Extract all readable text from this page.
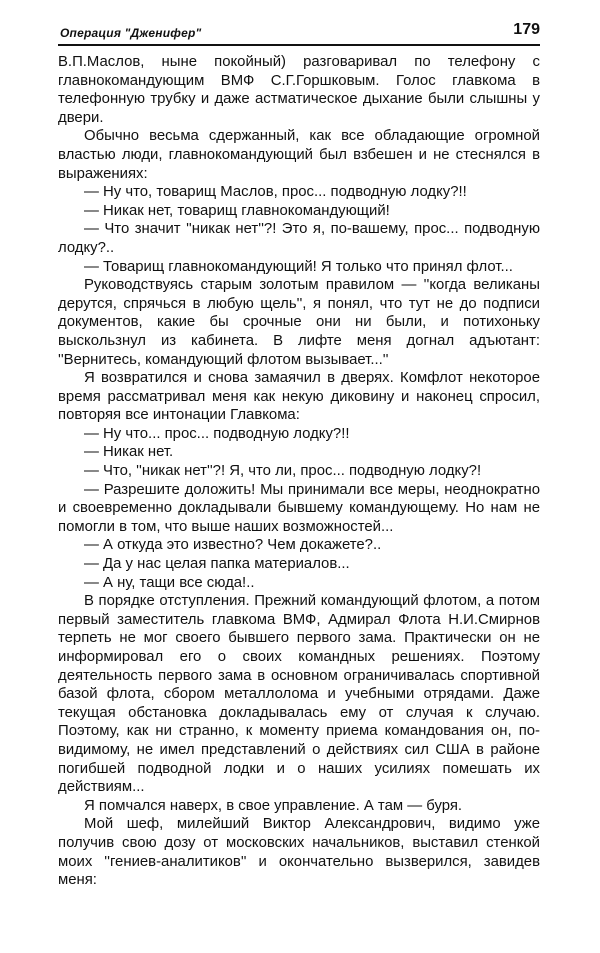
Операция "Дженифер"	179

В.П.Маслов, ныне покойный) разговаривал по телефону с главнокомандующим ВМФ С.Г.Горшковым. Голос главкома в телефонную трубку и даже астматическое дыхание были слышны у двери.

Обычно весьма сдержанный, как все обладающие огромной властью люди, главнокомандующий был взбешен и не стеснялся в выражениях:

— Ну что, товарищ Маслов, прос... подводную лодку?!!

— Никак нет, товарищ главнокомандующий!

— Что значит ''никак нет''?! Это я, по-вашему, прос... подводную лодку?..

— Товарищ главнокомандующий! Я только что принял флот...

Руководствуясь старым золотым правилом — ''когда великаны дерутся, спрячься в любую щель'', я понял, что тут не до подписи документов, какие бы срочные они ни были, и потихоньку выскользнул из кабинета. В лифте меня догнал адъютант: ''Вернитесь, командующий флотом вызывает...''

Я возвратился и снова замаячил в дверях. Комфлот некоторое время рассматривал меня как некую диковину и наконец спросил, повторяя все интонации Главкома:

— Ну что... прос... подводную лодку?!!

— Никак нет.

— Что, ''никак нет''?! Я, что ли, прос... подводную лодку?!

— Разрешите доложить! Мы принимали все меры, неоднократно и своевременно докладывали бывшему командующему. Но нам не помогли в том, что выше наших возможностей...

— А откуда это известно? Чем докажете?..

— Да у нас целая папка материалов...

— А ну, тащи все сюда!..

В порядке отступления. Прежний командующий флотом, а потом первый заместитель главкома ВМФ, Адмирал Флота Н.И.Смирнов терпеть не мог своего бывшего первого зама. Практически он не информировал его о своих командных решениях. Поэтому деятельность первого зама в основном ограничивалась спортивной базой флота, сбором металлолома и учебными отрядами. Даже текущая обстановка докладывалась ему от случая к случаю. Поэтому, как ни странно, к моменту приема командования он, по-видимому, не имел представлений о действиях сил США в районе погибшей подводной лодки и о наших усилиях помешать их действиям...

Я помчался наверх, в свое управление. А там — буря.

Мой шеф, милейший Виктор Александрович, видимо уже получив свою дозу от московских начальников, выставил стенкой моих ''гениев-аналитиков'' и окончательно вызверился, завидев меня:
